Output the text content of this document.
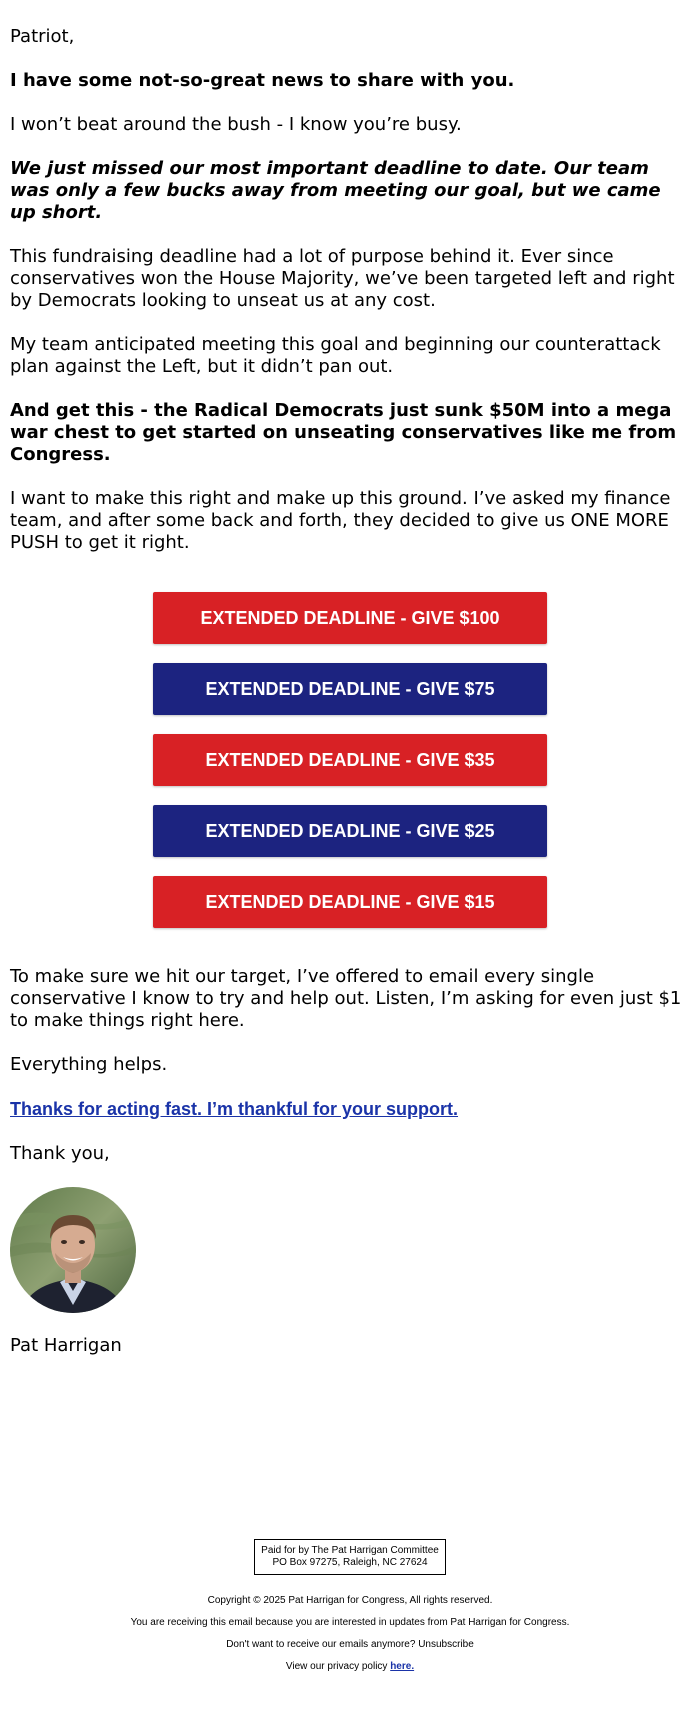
Patriot,

I have some not-so-great news to share with you.

I won’t beat around the bush - I know you’re busy.

We just missed our most important deadline to date. Our team was only a few bucks away from meeting our goal, but we came up short.

This fundraising deadline had a lot of purpose behind it. Ever since conservatives won the House Majority, we’ve been targeted left and right by Democrats looking to unseat us at any cost.

My team anticipated meeting this goal and beginning our counterattack plan against the Left, but it didn’t pan out.

And get this - the Radical Democrats just sunk $50M into a mega war chest to get started on unseating conservatives like me from Congress.

I want to make this right and make up this ground. I’ve asked my finance team, and after some back and forth, they decided to give us ONE MORE PUSH to get it right.

EXTENDED DEADLINE - GIVE $100
EXTENDED DEADLINE - GIVE $75
EXTENDED DEADLINE - GIVE $35
EXTENDED DEADLINE - GIVE $25
EXTENDED DEADLINE - GIVE $15

To make sure we hit our target, I’ve offered to email every single conservative I know to try and help out. Listen, I’m asking for even just $1 to make things right here.

Everything helps.

Thanks for acting fast. I’m thankful for your support.

Thank you,

Pat Harrigan

Paid for by The Pat Harrigan Committee

PO Box 97275, Raleigh, NC 27624

Copyright © 2025 Pat Harrigan for Congress, All rights reserved.

You are receiving this email because you are interested in updates from Pat Harrigan for Congress.

Don't want to receive our emails anymore? Unsubscribe

View our privacy policy here.
